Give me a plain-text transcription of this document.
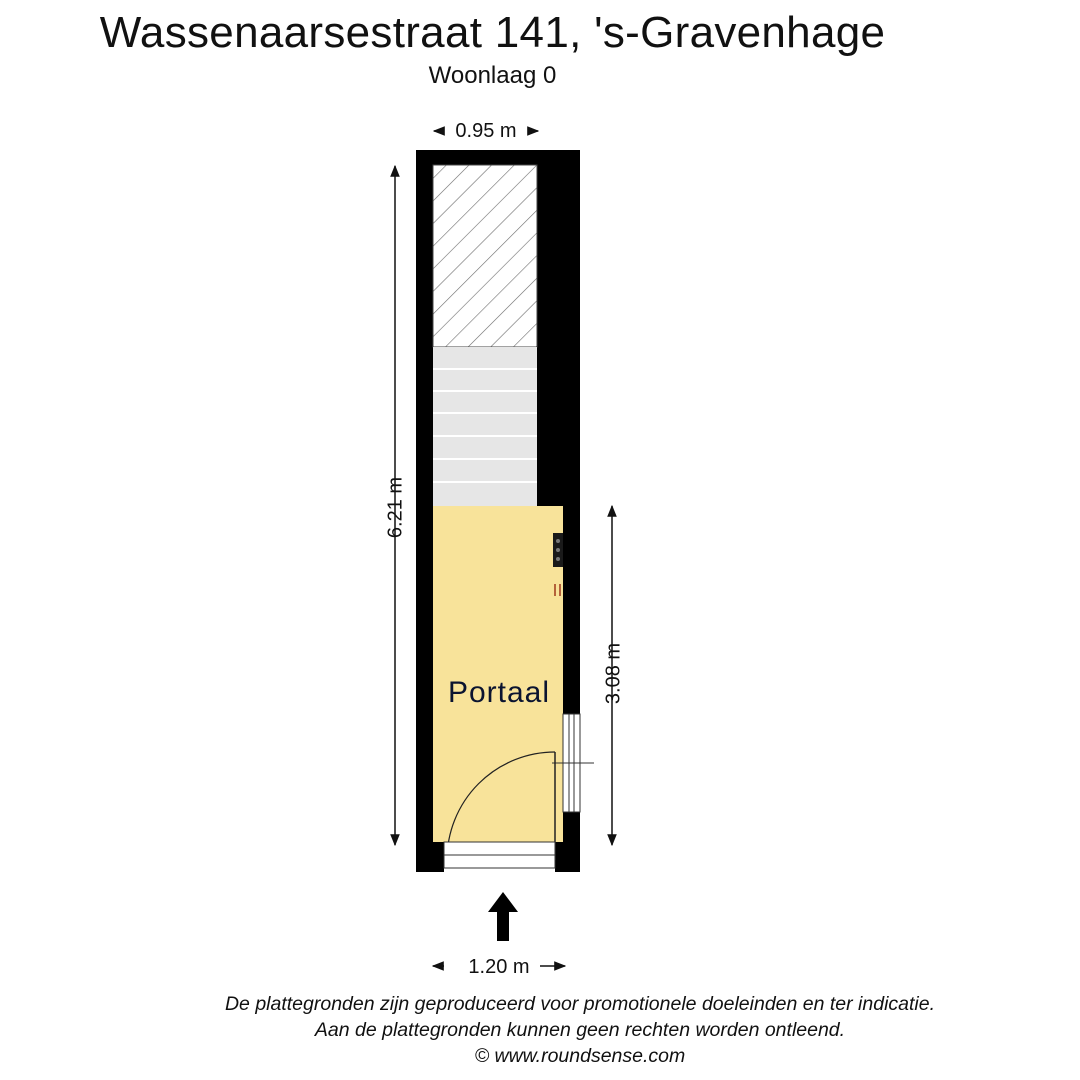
Wassenaarsestraat 141, 's-Gravenhage
Woonlaag 0
0.95 m
6.21 m
3.08 m
1.20 m
Portaal
De plattegronden zijn geproduceerd voor promotionele doeleinden en ter indicatie.
Aan de plattegronden kunnen geen rechten worden ontleend.
© www.roundsense.com
